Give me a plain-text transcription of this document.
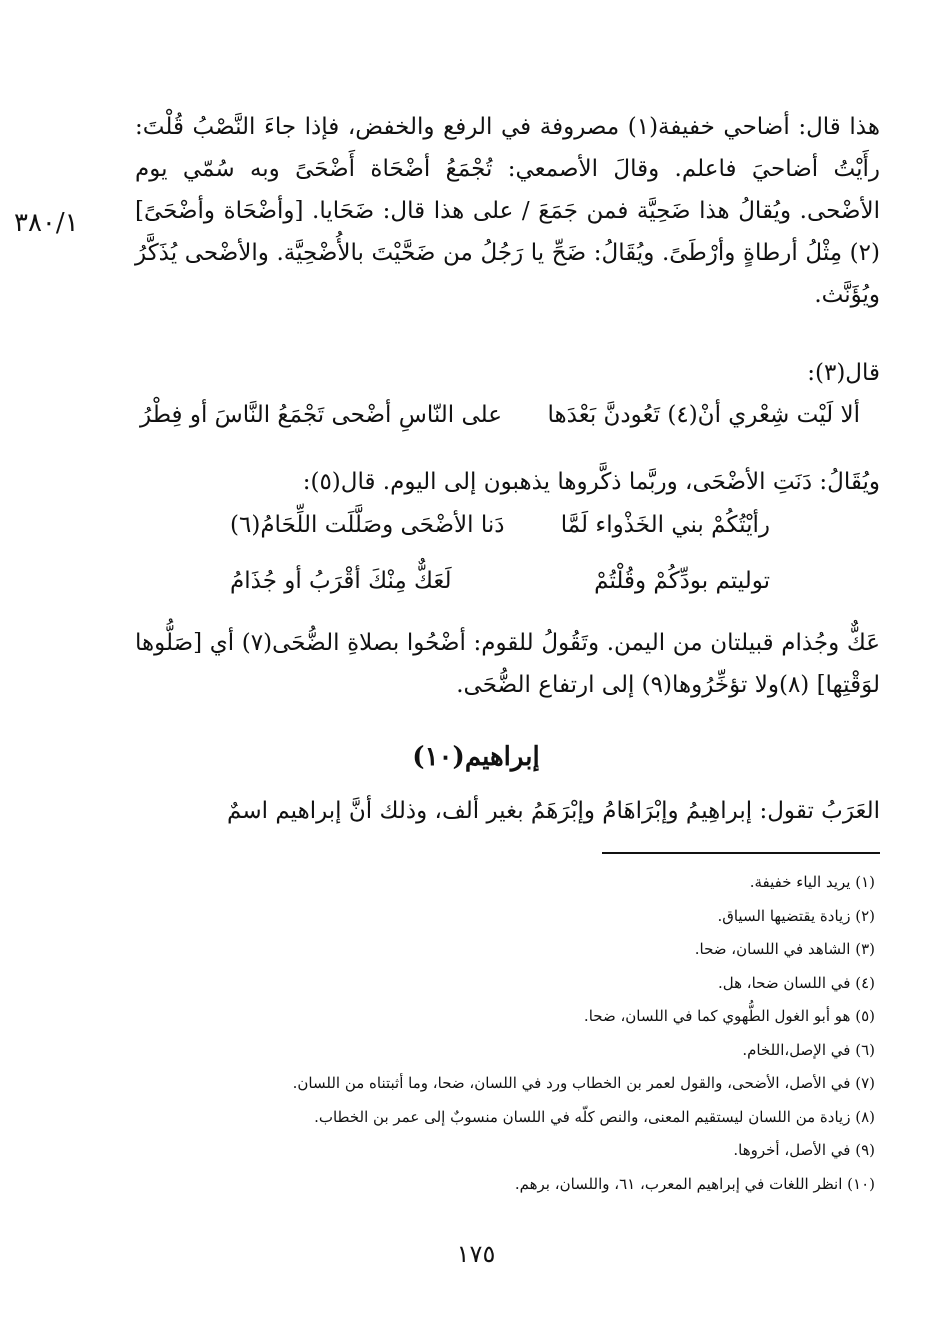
٣٨٠/١

هذا قال: أضاحي خفيفة(١) مصروفة في الرفع والخفض، فإذا جاءَ النَّصْبُ قُلْتَ: رأَيْتُ أضاحيَ فاعلم. وقالَ الأصمعي: تُجْمَعُ أضْحَاة أَضْحَىً وبه سُمّي يوم الأضْحى. ويُقالُ هذا ضَحِيَّة فمن جَمَعَ / على هذا قال: ضَحَايا. [وأضْحَاة وأضْحَىً](٢) مِثْلُ أرطاةٍ وأرْطَىً. ويُقَالُ: ضَحِّ يا رَجُلُ من ضَحَّيْتَ بالأُضْحِيَّة. والأضْحى يُذَكَّرُ ويُؤَنَّث.

قال(٣):

ألا لَيْت شِعْري أنْ(٤) تَعُودنَّ بَعْدَها
على النّاسِ أضْحى تَجْمَعُ النَّاسَ أو فِطْرُ

ويُقَالُ: دَنَتِ الأضْحَى، وربَّما ذكَّروها يذهبون إلى اليوم. قال(٥):

رأيْتُكُمْ بني الخَذْواء لَمَّا
دَنا الأضْحَى وصَلَّلَت اللِّحَامُ(٦)
توليتم بودِّكُمْ وقُلْتُمْ
لَعَكٌّ مِنْكَ أقْرَبُ أو جُذَامُ

عَكٌّ وجُذام قبيلتان من اليمن. وتَقُولُ للقوم: أضْحُوا بصلاةِ الضُّحَى(٧) أي [صَلُّوها لوَقْتِها] (٨)ولا تؤخِّرُوها(٩) إلى ارتفاع الضُّحَى.

إبراهيم(١٠)

العَرَبُ تقول: إبراهِيمُ وإبْرَاهَامُ وإبْرَهَمُ بغير ألف، وذلك أنَّ إبراهيم اسمٌ

(١) يريد الياء خفيفة.
(٢) زيادة يقتضيها السياق.
(٣) الشاهد في اللسان، ضحا.
(٤) في اللسان ضحا، هل.
(٥) هو أبو الغول الطُّهوي كما في اللسان، ضحا.
(٦) في الإصل،اللخام.
(٧) في الأصل، الأضحى، والقول لعمر بن الخطاب ورد في اللسان، ضحا، وما أثبتناه من اللسان.
(٨) زيادة من اللسان ليستقيم المعنى، والنص كلّه في اللسان منسوبٌ إلى عمر بن الخطاب.
(٩) في الأصل، أخروها.
(١٠) انظر اللغات في إبراهيم المعرب، ٦١، واللسان، برهم.
١٧٥
